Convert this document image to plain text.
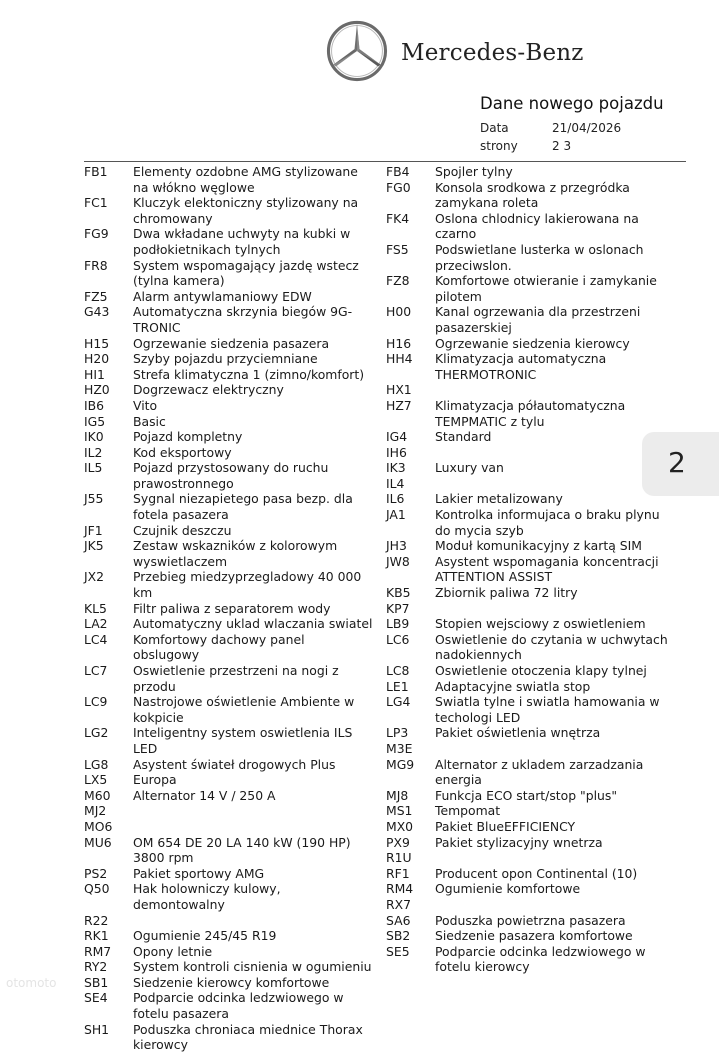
Mercedes-Benz
Dane nowego pojazdu
Data	21/04/2026
strony	2 3
2
FB1	Elementy ozdobne AMG stylizowane na włókno węglowe
FC1	Kluczyk elektoniczny stylizowany na chromowany
FG9	Dwa wkładane uchwyty na kubki w podłokietnikach tylnych
FR8	System wspomagający jazdę wstecz (tylna kamera)
FZ5	Alarm antywlamaniowy EDW
G43	Automatyczna skrzynia biegów 9G-TRONIC
H15	Ogrzewanie siedzenia pasazera
H20	Szyby pojazdu przyciemniane
HI1	Strefa klimatyczna 1 (zimno/komfort)
HZ0	Dogrzewacz elektryczny
IB6	Vito
IG5	Basic
IK0	Pojazd kompletny
IL2	Kod eksportowy
IL5	Pojazd przystosowany do ruchu prawostronnego
J55	Sygnal niezapietego pasa bezp. dla fotela pasazera
JF1	Czujnik deszczu
JK5	Zestaw wskazników z kolorowym wyswietlaczem
JX2	Przebieg miedzyprzegladowy 40 000 km
KL5	Filtr paliwa z separatorem wody
LA2	Automatyczny uklad wlaczania swiatel
LC4	Komfortowy dachowy panel obslugowy
LC7	Oswietlenie przestrzeni na nogi z przodu
LC9	Nastrojowe oświetlenie Ambiente w kokpicie
LG2	Inteligentny system oswietlenia ILS LED
LG8	Asystent świateł drogowych Plus
LX5	Europa
M60	Alternator 14 V / 250 A
MJ2
MO6
MU6	OM 654 DE 20 LA 140 kW (190 HP) 3800 rpm
PS2	Pakiet sportowy AMG
Q50	Hak holowniczy kulowy, demontowalny
R22
RK1	Ogumienie 245/45 R19
RM7	Opony letnie
RY2	System kontroli cisnienia w ogumieniu
SB1	Siedzenie kierowcy komfortowe
SE4	Podparcie odcinka ledzwiowego w fotelu pasazera
SH1	Poduszka chroniaca miednice Thorax kierowcy
FB4	Spojler tylny
FG0	Konsola srodkowa z przegródka zamykana roleta
FK4	Oslona chlodnicy lakierowana na czarno
FS5	Podswietlane lusterka w oslonach przeciwslon.
FZ8	Komfortowe otwieranie i zamykanie pilotem
H00	Kanal ogrzewania dla przestrzeni pasazerskiej
H16	Ogrzewanie siedzenia kierowcy
HH4	Klimatyzacja automatyczna THERMOTRONIC
HX1
HZ7	Klimatyzacja półautomatyczna TEMPMATIC z tylu
IG4	Standard
IH6
IK3	Luxury van
IL4
IL6	Lakier metalizowany
JA1	Kontrolka informujaca o braku plynu do mycia szyb
JH3	Moduł komunikacyjny z kartą SIM
JW8	Asystent wspomagania koncentracji ATTENTION ASSIST
KB5	Zbiornik paliwa 72 litry
KP7
LB9	Stopien wejsciowy z oswietleniem
LC6	Oswietlenie do czytania w uchwytach nadokiennych
LC8	Oswietlenie otoczenia klapy tylnej
LE1	Adaptacyjne swiatla stop
LG4	Swiatla tylne i swiatla hamowania w techologi LED
LP3	Pakiet oświetlenia wnętrza
M3E
MG9	Alternator z ukladem zarzadzania energia
MJ8	Funkcja ECO start/stop "plus"
MS1	Tempomat
MX0	Pakiet BlueEFFICIENCY
PX9	Pakiet stylizacyjny wnetrza
R1U
RF1	Producent opon Continental (10)
RM4	Ogumienie komfortowe
RX7
SA6	Poduszka powietrzna pasazera
SB2	Siedzenie pasazera komfortowe
SE5	Podparcie odcinka ledzwiowego w fotelu kierowcy
otomoto
